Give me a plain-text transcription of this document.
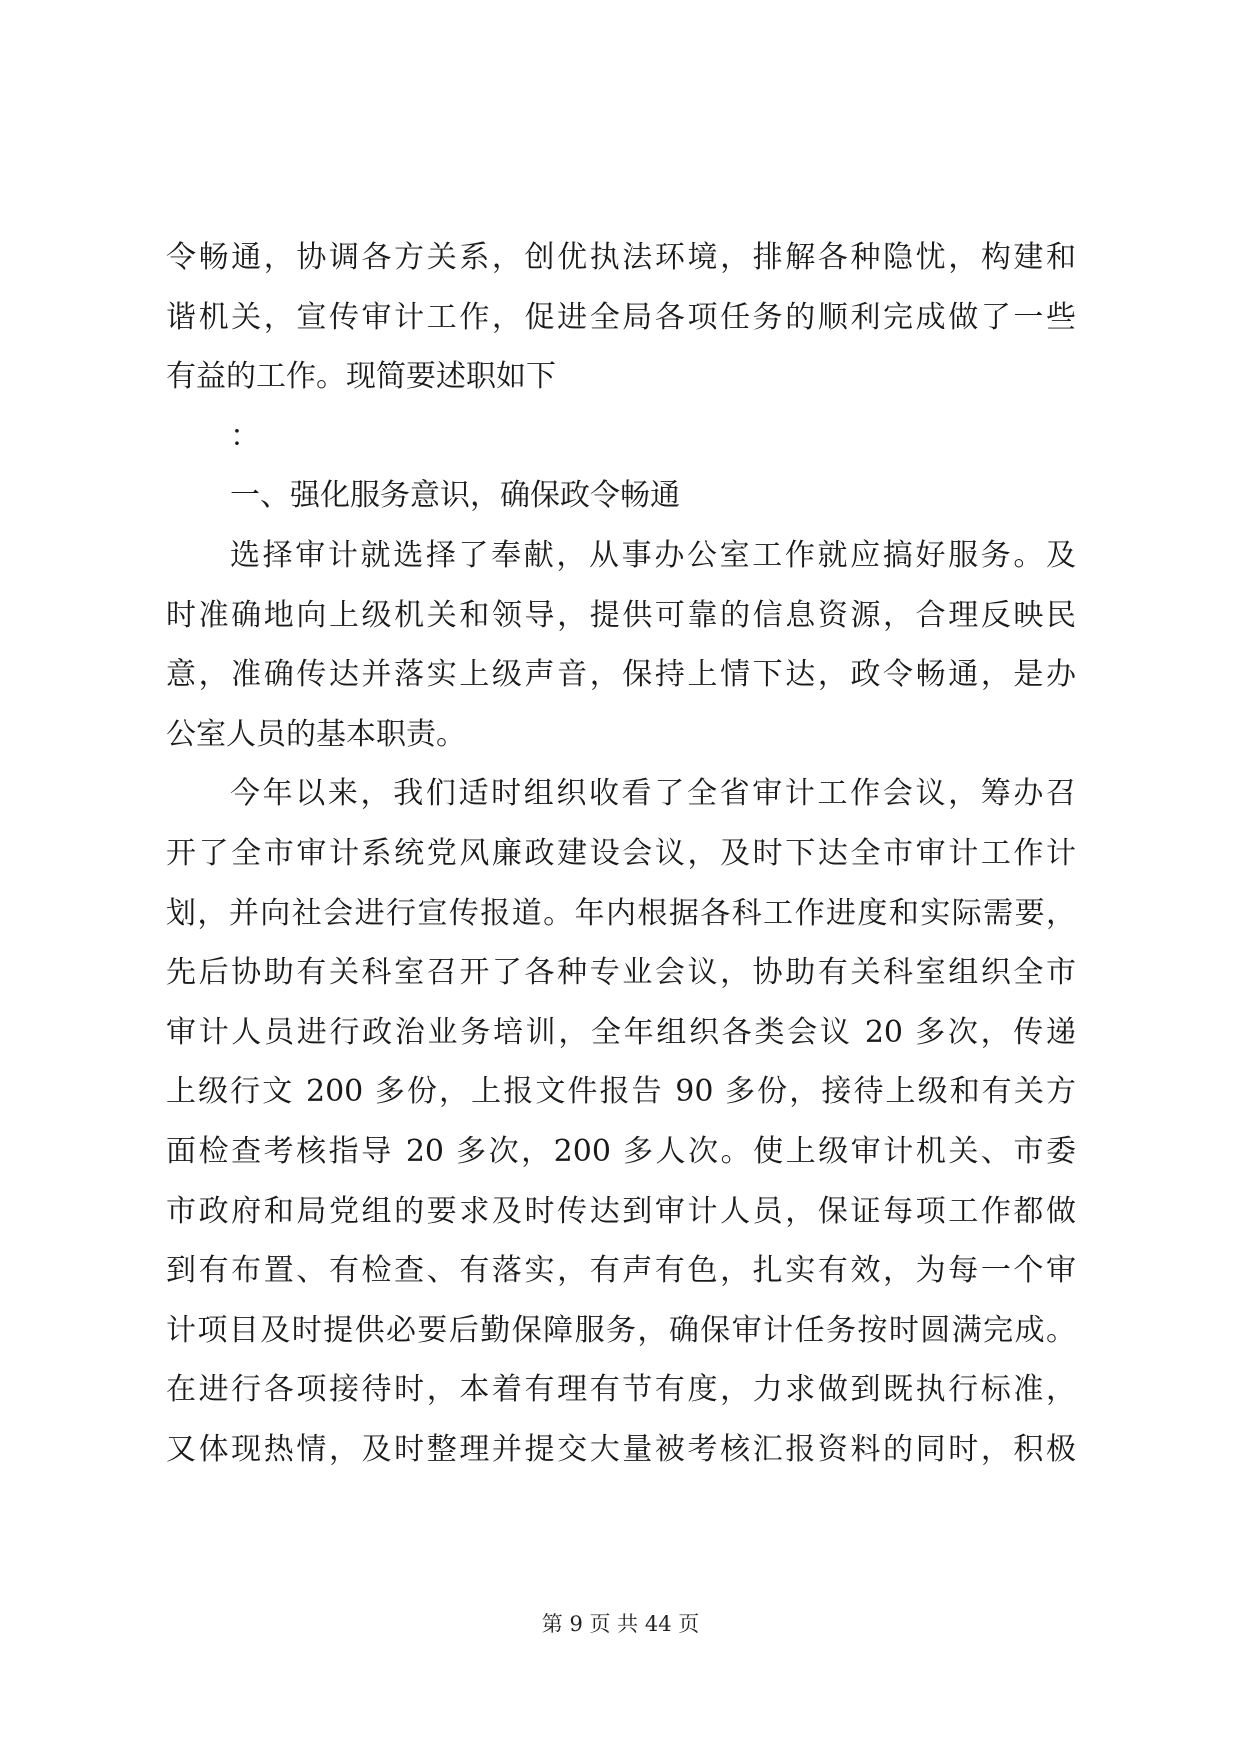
令畅通，协调各方关系，创优执法环境，排解各种隐忧，构建和
谐机关，宣传审计工作，促进全局各项任务的顺利完成做了一些
有益的工作。现简要述职如下
：
一、强化服务意识，确保政令畅通
选择审计就选择了奉献，从事办公室工作就应搞好服务。及
时准确地向上级机关和领导，提供可靠的信息资源，合理反映民
意，准确传达并落实上级声音，保持上情下达，政令畅通，是办
公室人员的基本职责。
今年以来，我们适时组织收看了全省审计工作会议，筹办召
开了全市审计系统党风廉政建设会议，及时下达全市审计工作计
划，并向社会进行宣传报道。年内根据各科工作进度和实际需要，
先后协助有关科室召开了各种专业会议，协助有关科室组织全市
审计人员进行政治业务培训，全年组织各类会议 20 多次，传递
上级行文 200 多份，上报文件报告 90 多份，接待上级和有关方
面检查考核指导 20 多次，200 多人次。使上级审计机关、市委
市政府和局党组的要求及时传达到审计人员，保证每项工作都做
到有布置、有检查、有落实，有声有色，扎实有效，为每一个审
计项目及时提供必要后勤保障服务，确保审计任务按时圆满完成。
在进行各项接待时，本着有理有节有度，力求做到既执行标准，
又体现热情，及时整理并提交大量被考核汇报资料的同时，积极
第 9 页 共 44 页
